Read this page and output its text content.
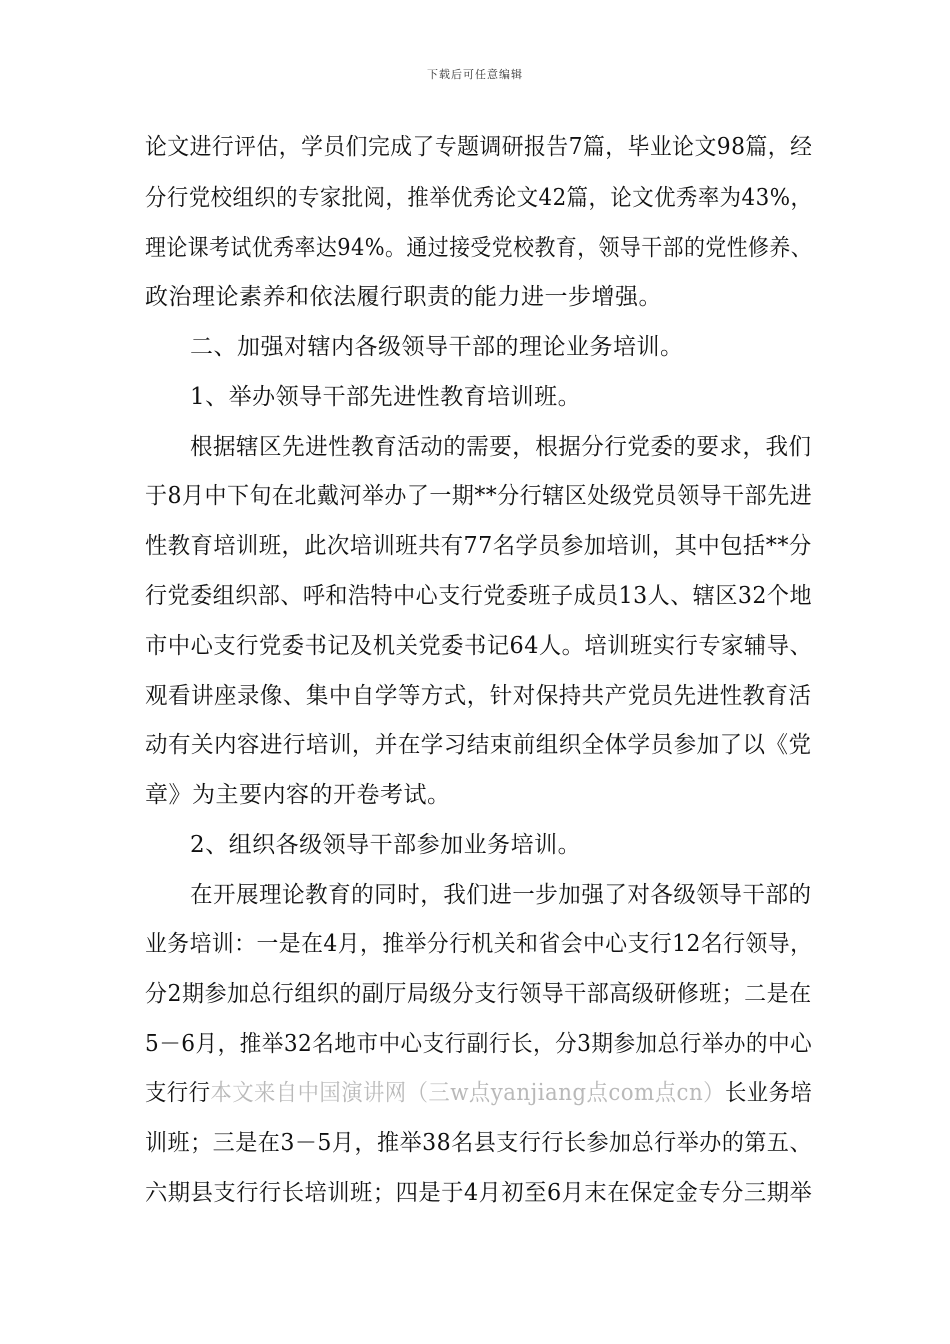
下载后可任意编辑
论文进行评估，学员们完成了专题调研报告7篇，毕业论文98篇，经
分行党校组织的专家批阅，推举优秀论文42篇，论文优秀率为43%，
理论课考试优秀率达94%。通过接受党校教育，领导干部的党性修养、
政治理论素养和依法履行职责的能力进一步增强。
二、加强对辖内各级领导干部的理论业务培训。
1、举办领导干部先进性教育培训班。
根据辖区先进性教育活动的需要，根据分行党委的要求，我们
于8月中下旬在北戴河举办了一期**分行辖区处级党员领导干部先进
性教育培训班，此次培训班共有77名学员参加培训，其中包括**分
行党委组织部、呼和浩特中心支行党委班子成员13人、辖区32个地
市中心支行党委书记及机关党委书记64人。培训班实行专家辅导、
观看讲座录像、集中自学等方式，针对保持共产党员先进性教育活
动有关内容进行培训，并在学习结束前组织全体学员参加了以《党
章》为主要内容的开卷考试。
2、组织各级领导干部参加业务培训。
在开展理论教育的同时，我们进一步加强了对各级领导干部的
业务培训：一是在4月，推举分行机关和省会中心支行12名行领导，
分2期参加总行组织的副厅局级分支行领导干部高级研修班；二是在
5－6月，推举32名地市中心支行副行长，分3期参加总行举办的中心
支行行本文来自中国演讲网（三w点yanjiang点com点cn）长业务培
训班；三是在3－5月，推举38名县支行行长参加总行举办的第五、
六期县支行行长培训班；四是于4月初至6月末在保定金专分三期举
